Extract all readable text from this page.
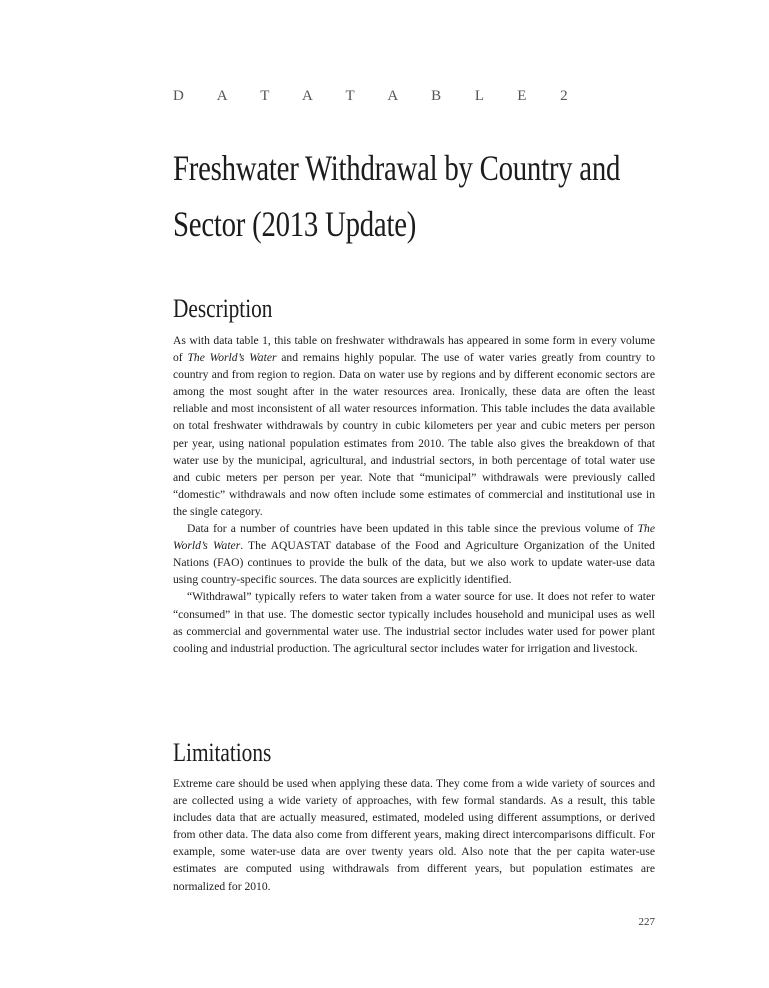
D A T A T A B L E 2
Freshwater Withdrawal by Country and Sector (2013 Update)
Description

As with data table 1, this table on freshwater withdrawals has appeared in some form in every volume of The World’s Water and remains highly popular. The use of water varies greatly from country to country and from region to region. Data on water use by regions and by different economic sectors are among the most sought after in the water resources area. Ironically, these data are often the least reliable and most inconsistent of all water resources information. This table includes the data available on total freshwater withdrawals by country in cubic kilometers per year and cubic meters per person per year, using national population estimates from 2010. The table also gives the breakdown of that water use by the municipal, agricultural, and industrial sectors, in both percentage of total water use and cubic meters per person per year. Note that “municipal” withdrawals were previously called “domestic” withdrawals and now often include some estimates of commercial and institutional use in the single category.

Data for a number of countries have been updated in this table since the previous volume of The World’s Water. The AQUASTAT database of the Food and Agriculture Organization of the United Nations (FAO) continues to provide the bulk of the data, but we also work to update water-use data using country-specific sources. The data sources are explicitly identified.

“Withdrawal” typically refers to water taken from a water source for use. It does not refer to water “consumed” in that use. The domestic sector typically includes household and municipal uses as well as commercial and governmental water use. The industrial sector includes water used for power plant cooling and industrial production. The agricultural sector includes water for irrigation and livestock.

Limitations

Extreme care should be used when applying these data. They come from a wide variety of sources and are collected using a wide variety of approaches, with few formal standards. As a result, this table includes data that are actually measured, estimated, modeled using different assumptions, or derived from other data. The data also come from different years, making direct intercomparisons difficult. For example, some water-use data are over twenty years old. Also note that the per capita water-use estimates are computed using withdrawals from different years, but population estimates are normalized for 2010.

227
